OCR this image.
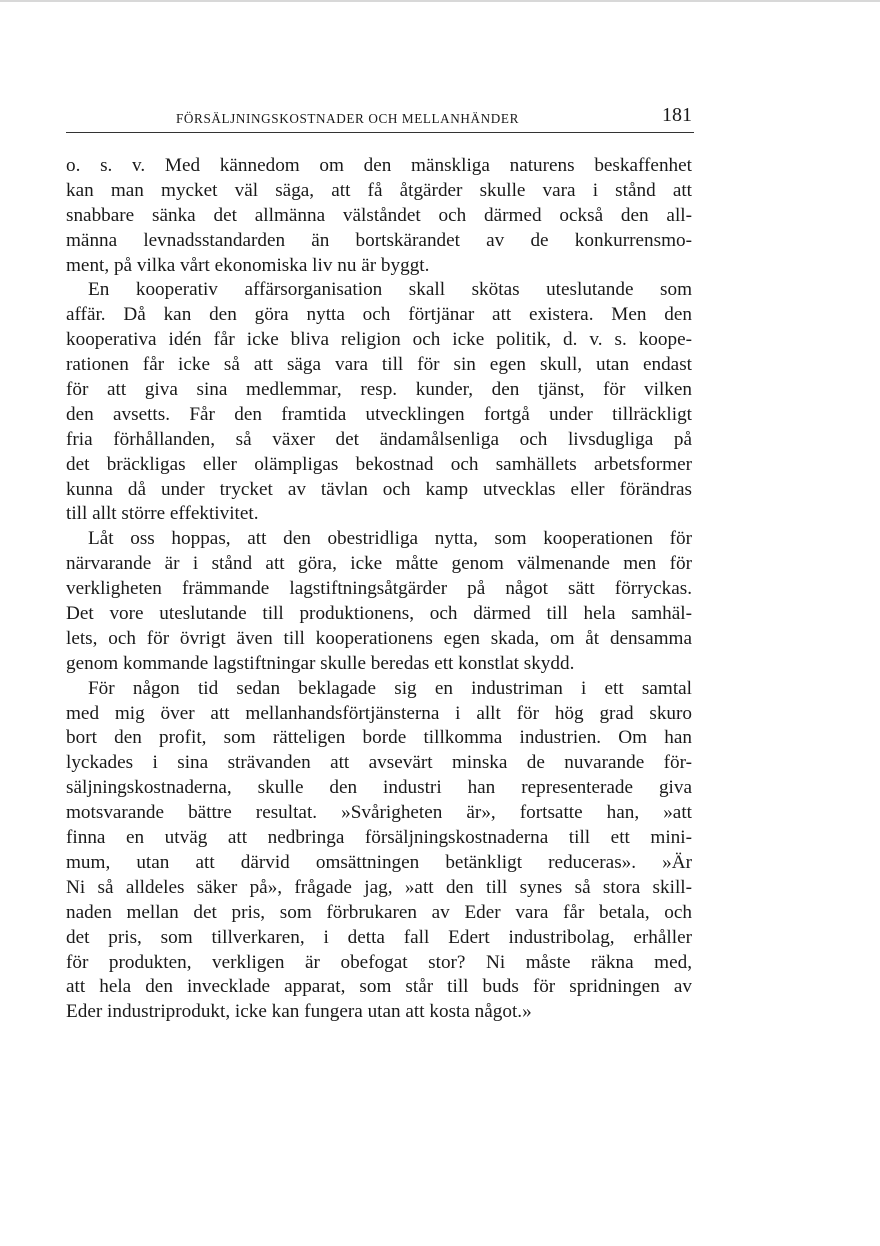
FÖRSÄLJNINGSKOSTNADER OCH MELLANHÄNDER	181
o. s. v. Med kännedom om den mänskliga naturens beskaffenhet
kan man mycket väl säga, att få åtgärder skulle vara i stånd att
snabbare sänka det allmänna välståndet och därmed också den all-
männa levnadsstandarden än bortskärandet av de konkurrensmo-
ment, på vilka vårt ekonomiska liv nu är byggt.
En kooperativ affärsorganisation skall skötas uteslutande som
affär. Då kan den göra nytta och förtjänar att existera. Men den
kooperativa idén får icke bliva religion och icke politik, d. v. s. koope-
rationen får icke så att säga vara till för sin egen skull, utan endast
för att giva sina medlemmar, resp. kunder, den tjänst, för vilken
den avsetts. Får den framtida utvecklingen fortgå under tillräckligt
fria förhållanden, så växer det ändamålsenliga och livsdugliga på
det bräckligas eller olämpligas bekostnad och samhällets arbetsformer
kunna då under trycket av tävlan och kamp utvecklas eller förändras
till allt större effektivitet.
Låt oss hoppas, att den obestridliga nytta, som kooperationen för
närvarande är i stånd att göra, icke måtte genom välmenande men för
verkligheten främmande lagstiftningsåtgärder på något sätt förryckas.
Det vore uteslutande till produktionens, och därmed till hela samhäl-
lets, och för övrigt även till kooperationens egen skada, om åt densamma
genom kommande lagstiftningar skulle beredas ett konstlat skydd.
För någon tid sedan beklagade sig en industriman i ett samtal
med mig över att mellanhandsförtjänsterna i allt för hög grad skuro
bort den profit, som rätteligen borde tillkomma industrien. Om han
lyckades i sina strävanden att avsevärt minska de nuvarande för-
säljningskostnaderna, skulle den industri han representerade giva
motsvarande bättre resultat. »Svårigheten är», fortsatte han, »att
finna en utväg att nedbringa försäljningskostnaderna till ett mini-
mum, utan att därvid omsättningen betänkligt reduceras». »Är
Ni så alldeles säker på», frågade jag, »att den till synes så stora skill-
naden mellan det pris, som förbrukaren av Eder vara får betala, och
det pris, som tillverkaren, i detta fall Edert industribolag, erhåller
för produkten, verkligen är obefogat stor? Ni måste räkna med,
att hela den invecklade apparat, som står till buds för spridningen av
Eder industriprodukt, icke kan fungera utan att kosta något.»
